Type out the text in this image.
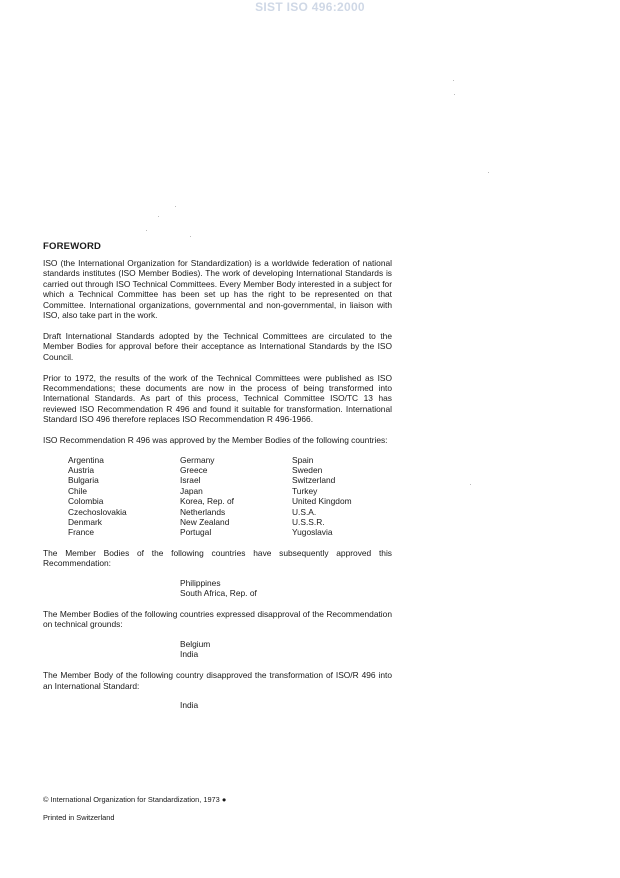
SIST ISO 496:2000
FOREWORD

ISO (the International Organization for Standardization) is a worldwide federation of national standards institutes (ISO Member Bodies). The work of developing International Standards is carried out through ISO Technical Committees. Every Member Body interested in a subject for which a Technical Committee has been set up has the right to be represented on that Committee. International organizations, governmental and non-governmental, in liaison with ISO, also take part in the work.

Draft International Standards adopted by the Technical Committees are circulated to the Member Bodies for approval before their acceptance as International Standards by the ISO Council.

Prior to 1972, the results of the work of the Technical Committees were published as ISO Recommendations; these documents are now in the process of being transformed into International Standards. As part of this process, Technical Committee ISO/TC 13 has reviewed ISO Recommendation R 496 and found it suitable for transformation. International Standard ISO 496 therefore replaces ISO Recommendation R 496-1966.

ISO Recommendation R 496 was approved by the Member Bodies of the following countries:

Argentina
Austria
Bulgaria
Chile
Colombia
Czechoslovakia
Denmark
France
Germany
Greece
Israel
Japan
Korea, Rep. of
Netherlands
New Zealand
Portugal
Spain
Sweden
Switzerland
Turkey
United Kingdom
U.S.A.
U.S.S.R.
Yugoslavia

The Member Bodies of the following countries have subsequently approved this Recommendation:

Philippines
South Africa, Rep. of

The Member Bodies of the following countries expressed disapproval of the Recommendation on technical grounds:

Belgium
India

The Member Body of the following country disapproved the transformation of ISO/R 496 into an International Standard:

India
© International Organization for Standardization, 1973 ●
Printed in Switzerland
